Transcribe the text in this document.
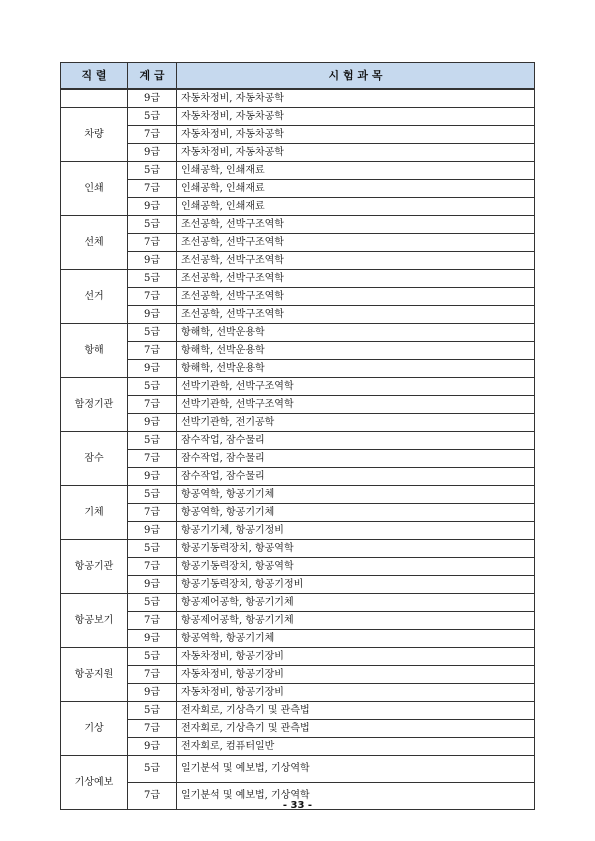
직 렬	계 급	시 험 과 목
	9급	자동차정비, 자동차공학
차량	5급	자동차정비, 자동차공학
	7급	자동차정비, 자동차공학
	9급	자동차정비, 자동차공학
인쇄	5급	인쇄공학, 인쇄재료
	7급	인쇄공학, 인쇄재료
	9급	인쇄공학, 인쇄재료
선체	5급	조선공학, 선박구조역학
	7급	조선공학, 선박구조역학
	9급	조선공학, 선박구조역학
선거	5급	조선공학, 선박구조역학
	7급	조선공학, 선박구조역학
	9급	조선공학, 선박구조역학
항해	5급	항해학, 선박운용학
	7급	항해학, 선박운용학
	9급	항해학, 선박운용학
함정기관	5급	선박기관학, 선박구조역학
	7급	선박기관학, 선박구조역학
	9급	선박기관학, 전기공학
잠수	5급	잠수작업, 잠수물리
	7급	잠수작업, 잠수물리
	9급	잠수작업, 잠수물리
기체	5급	항공역학, 항공기기체
	7급	항공역학, 항공기기체
	9급	항공기기체, 항공기정비
항공기관	5급	항공기동력장치, 항공역학
	7급	항공기동력장치, 항공역학
	9급	항공기동력장치, 항공기정비
항공보기	5급	항공제어공학, 항공기기체
	7급	항공제어공학, 항공기기체
	9급	항공역학, 항공기기체
항공지원	5급	자동차정비, 항공기장비
	7급	자동차정비, 항공기장비
	9급	자동차정비, 항공기장비
기상	5급	전자회로, 기상측기 및 관측법
	7급	전자회로, 기상측기 및 관측법
	9급	전자회로, 컴퓨터일반
기상예보	5급	일기분석 및 예보법, 기상역학
	7급	일기분석 및 예보법, 기상역학
- 33 -
